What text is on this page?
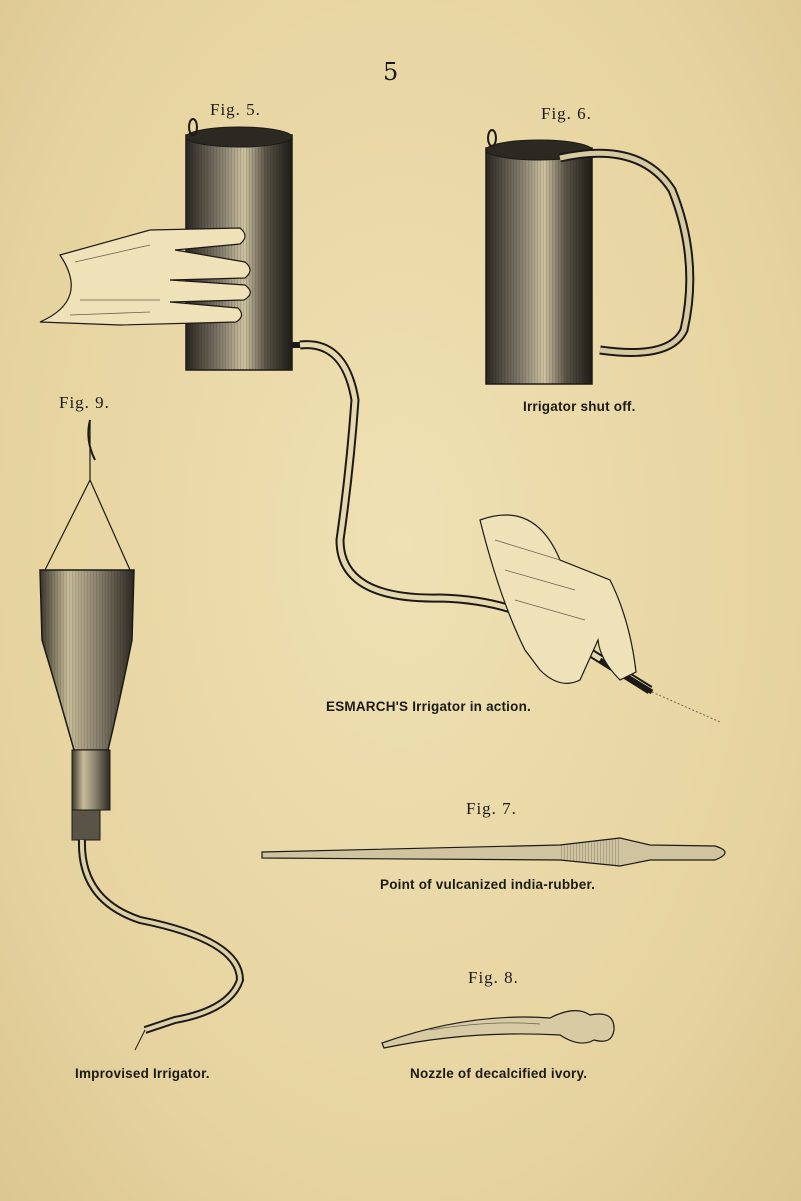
5
Fig. 5.	Fig. 6.
Irrigator shut off.
Fig. 9.
ESMARCH'S Irrigator in action.
Fig. 7.
Point of vulcanized india-rubber.
Fig. 8.
Improvised Irrigator.	Nozzle of decalcified ivory.
